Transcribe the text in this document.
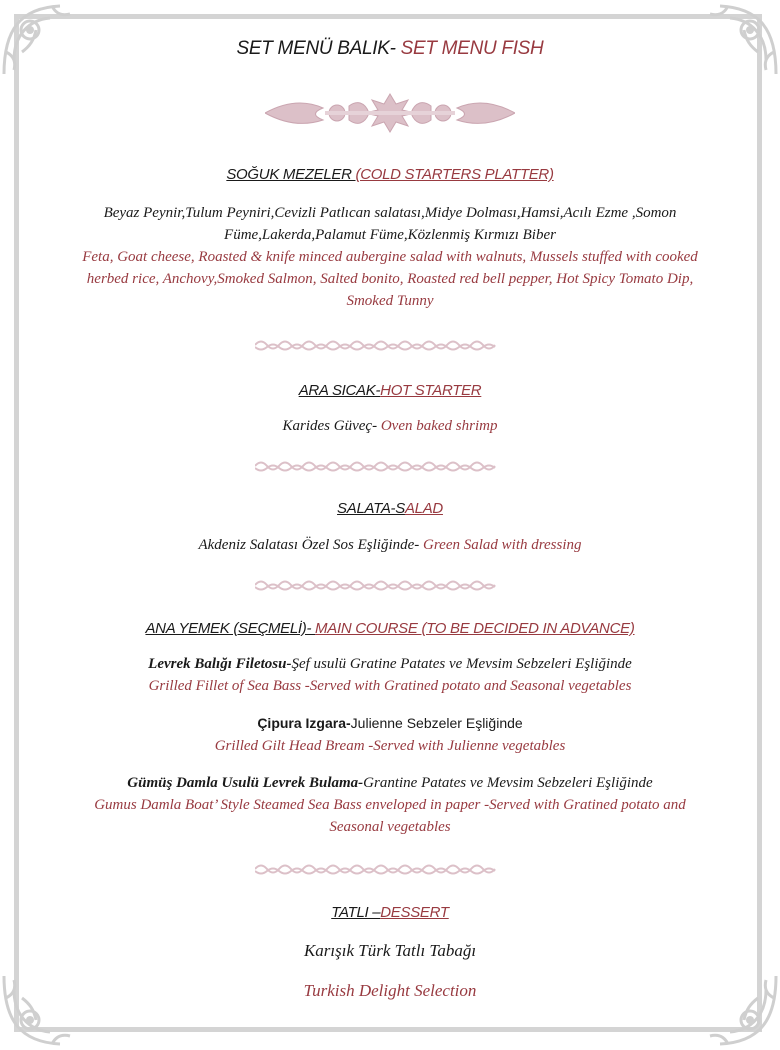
SET MENÜ BALIK- SET MENU FISH
SOĞUK MEZELER (COLD STARTERS PLATTER)
Beyaz Peynir,Tulum Peyniri,Cevizli Patlıcan salatası,Midye Dolması,Hamsi,Acılı Ezme ,Somon
Füme,Lakerda,Palamut Füme,Közlenmiş Kırmızı Biber
Feta, Goat cheese, Roasted & knife minced aubergine salad with walnuts, Mussels stuffed with cooked
herbed rice, Anchovy,Smoked Salmon, Salted bonito, Roasted red bell pepper, Hot Spicy Tomato Dip,
Smoked Tunny
ARA SICAK-HOT STARTER
Karides Güveç- Oven baked shrimp
SALATA-SALAD
Akdeniz Salatası Özel Sos Eşliğinde- Green Salad with dressing
ANA YEMEK (SEÇMELİ)- MAIN COURSE (TO BE DECIDED IN ADVANCE)
Levrek Balığı Filetosu-Şef usulü Gratine Patates ve Mevsim Sebzeleri Eşliğinde
Grilled Fillet of Sea Bass -Served with Gratined potato and Seasonal vegetables
Çipura Izgara-Julienne Sebzeler Eşliğinde
Grilled Gilt Head Bream -Served with Julienne vegetables
Gümüş Damla Usulü Levrek Bulama-Grantine Patates ve Mevsim Sebzeleri Eşliğinde
Gumus Damla Boat’ Style Steamed Sea Bass enveloped in paper -Served with Gratined potato and
Seasonal vegetables
TATLI –DESSERT
Karışık Türk Tatlı Tabağı
Turkish Delight Selection
